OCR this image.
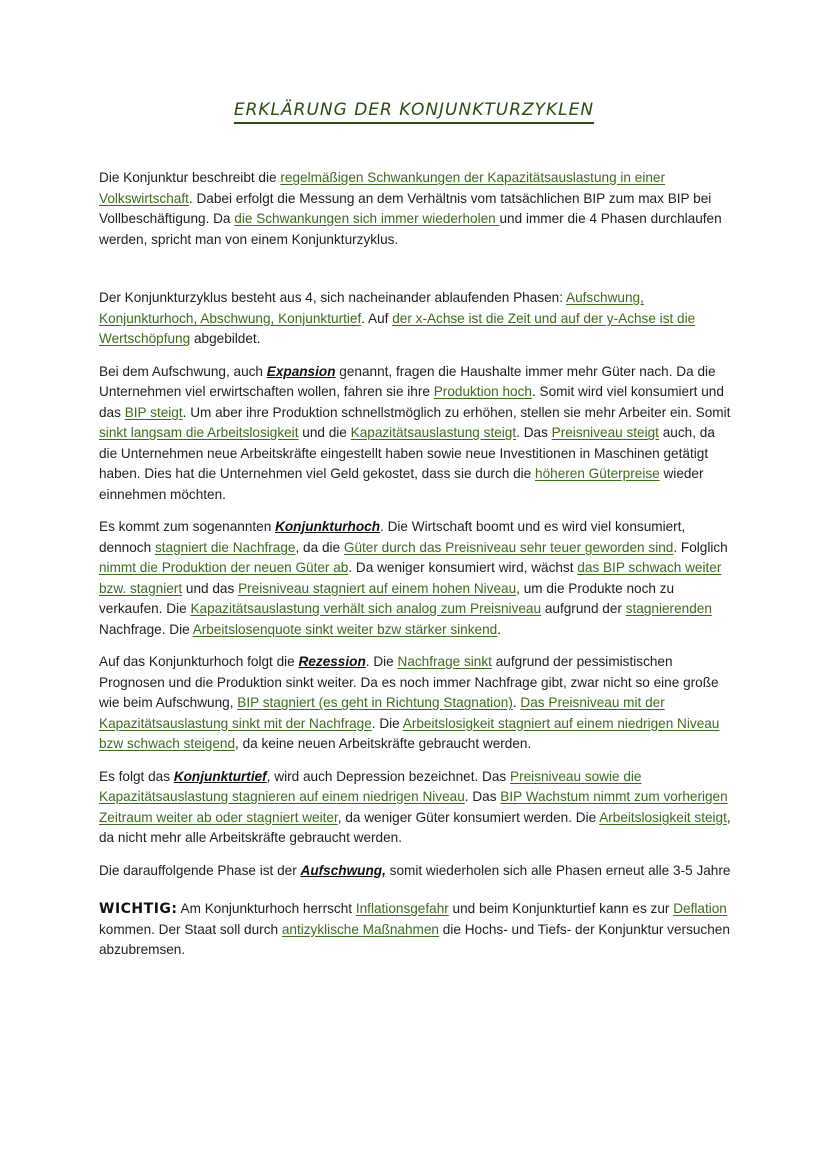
ERKLÄRUNG DER KONJUNKTURZYKLEN

Die Konjunktur beschreibt die regelmäßigen Schwankungen der Kapazitätsauslastung in einer Volkswirtschaft. Dabei erfolgt die Messung an dem Verhältnis vom tatsächlichen BIP zum max BIP bei Vollbeschäftigung. Da die Schwankungen sich immer wiederholen und immer die 4 Phasen durchlaufen werden, spricht man von einem Konjunkturzyklus.

Der Konjunkturzyklus besteht aus 4, sich nacheinander ablaufenden Phasen: Aufschwung, Konjunkturhoch, Abschwung, Konjunkturtief. Auf der x-Achse ist die Zeit und auf der y-Achse ist die Wertschöpfung abgebildet.

Bei dem Aufschwung, auch Expansion genannt, fragen die Haushalte immer mehr Güter nach. Da die Unternehmen viel erwirtschaften wollen, fahren sie ihre Produktion hoch. Somit wird viel konsumiert und das BIP steigt. Um aber ihre Produktion schnellstmöglich zu erhöhen, stellen sie mehr Arbeiter ein. Somit sinkt langsam die Arbeitslosigkeit und die Kapazitätsauslastung steigt. Das Preisniveau steigt auch, da die Unternehmen neue Arbeitskräfte eingestellt haben sowie neue Investitionen in Maschinen getätigt haben. Dies hat die Unternehmen viel Geld gekostet, dass sie durch die höheren Güterpreise wieder einnehmen möchten.

Es kommt zum sogenannten Konjunkturhoch. Die Wirtschaft boomt und es wird viel konsumiert, dennoch stagniert die Nachfrage, da die Güter durch das Preisniveau sehr teuer geworden sind. Folglich nimmt die Produktion der neuen Güter ab. Da weniger konsumiert wird, wächst das BIP schwach weiter bzw. stagniert und das Preisniveau stagniert auf einem hohen Niveau, um die Produkte noch zu verkaufen. Die Kapazitätsauslastung verhält sich analog zum Preisniveau aufgrund der stagnierenden Nachfrage. Die Arbeitslosenquote sinkt weiter bzw stärker sinkend.

Auf das Konjunkturhoch folgt die Rezession. Die Nachfrage sinkt aufgrund der pessimistischen Prognosen und die Produktion sinkt weiter. Da es noch immer Nachfrage gibt, zwar nicht so eine große wie beim Aufschwung, BIP stagniert (es geht in Richtung Stagnation). Das Preisniveau mit der Kapazitätsauslastung sinkt mit der Nachfrage. Die Arbeitslosigkeit stagniert auf einem niedrigen Niveau bzw schwach steigend, da keine neuen Arbeitskräfte gebraucht werden.

Es folgt das Konjunkturtief, wird auch Depression bezeichnet. Das Preisniveau sowie die Kapazitätsauslastung stagnieren auf einem niedrigen Niveau. Das BIP Wachstum nimmt zum vorherigen Zeitraum weiter ab oder stagniert weiter, da weniger Güter konsumiert werden. Die Arbeitslosigkeit steigt, da nicht mehr alle Arbeitskräfte gebraucht werden.

Die darauffolgende Phase ist der Aufschwung, somit wiederholen sich alle Phasen erneut alle 3-5 Jahre

WICHTIG: Am Konjunkturhoch herrscht Inflationsgefahr und beim Konjunkturtief kann es zur Deflation kommen. Der Staat soll durch antizyklische Maßnahmen die Hochs- und Tiefs- der Konjunktur versuchen abzubremsen.
